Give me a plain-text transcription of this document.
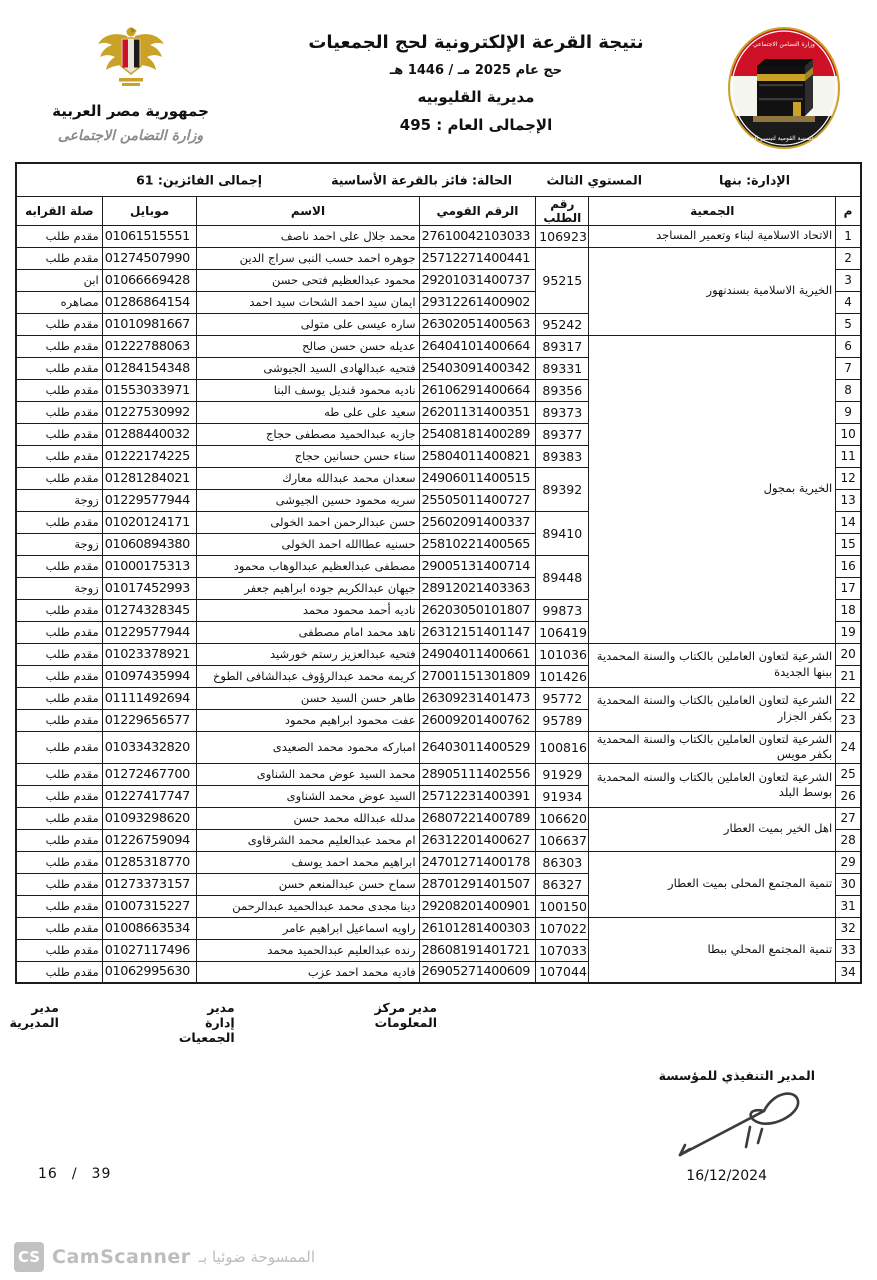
وزارة التضامن الاجتماعي
المؤسسة القومية لتيسير الحج
نتيجة القرعة الإلكترونية لحج الجمعيات
حج عام 2025 مـ / 1446 هـ
مديرية القليوبيه
الإجمالى العام : 495
جمهورية مصر العربية
وزارة التضامن الاجتماعى
الإدارة: بنها
المستوي الثالث
الحالة: فائز بالقرعة الأساسية
إجمالى الفائزين: 61						

م	الجمعية	رقم الطلب	الرقم القومي	الاسم	موبايل	صلة القرابه
1	الاتحاد الاسلامية لبناء وتعمير المساجد	106923	27610042103033	محمد جلال على احمد ناصف	01061515551	مقدم طلب
2	الخيرية الاسلامية بسندنهور	95215	25712271400441	جوهره احمد حسب النبى سراج الدين	01274507990	مقدم طلب
3			29201031400737	محمود عبدالعظيم فتحى حسن	01066669428	ابن
4			29312261400902	ايمان سيد احمد الشحات سيد احمد	01286864154	مصاهره
5		95242	26302051400563	ساره عيسى على متولى	01010981667	مقدم طلب
6	الخيرية بمجول	89317	26404101400664	عديله حسن حسن صالح	01222788063	مقدم طلب
7		89331	25403091400342	فتحيه عبدالهادى السيد الجيوشى	01284154348	مقدم طلب
8		89356	26106291400664	ناديه محمود قنديل يوسف البنا	01553033971	مقدم طلب
9		89373	26201131400351	سعيد على على طه	01227530992	مقدم طلب
10		89377	25408181400289	جازيه عبدالحميد مصطفى حجاج	01288440032	مقدم طلب
11		89383	25804011400821	سناء حسن حسانين حجاج	01222174225	مقدم طلب
12		89392	24906011400515	سعدان محمد عبدالله معارك	01281284021	مقدم طلب
13			25505011400727	سريه محمود حسين الجيوشى	01229577944	زوجة
14		89410	25602091400337	حسن عبدالرحمن احمد الخولى	01020124171	مقدم طلب
15			25810221400565	حسنيه عطاالله احمد الخولى	01060894380	زوجة
16		89448	29005131400714	مصطفى عبدالعظيم عبدالوهاب محمود	01000175313	مقدم طلب
17			28912021403363	جيهان عبدالكريم جوده ابراهيم جعفر	01017452993	زوجة
18		99873	26203050101807	ناديه أحمد محمود محمد	01274328345	مقدم طلب
19		106419	26312151401147	ناهد محمد امام مصطفى	01229577944	مقدم طلب
20	الشرعية لتعاون العاملين بالكتاب والسنة المحمدية ببنها الجديدة	101036	24904011400661	فتحيه عبدالعزيز رستم خورشيد	01023378921	مقدم طلب
21		101426	27001151301809	كريمه محمد عبدالرؤوف عبدالشافى الطوخ	01097435994	مقدم طلب
22	الشرعية لتعاون العاملين بالكتاب والسنة المحمدية بكفر الجزار	95772	26309231401473	طاهر حسن السيد حسن	01111492694	مقدم طلب
23		95789	26009201400762	عفت محمود ابراهيم محمود	01229656577	مقدم طلب
24	الشرعية لتعاون العاملين بالكتاب والسنة المحمدية بكفر مويس	100816	26403011400529	امباركه محمود محمد الصعيدى	01033432820	مقدم طلب
25	الشرعية لتعاون العاملين بالكتاب والسنه المحمدية بوسط البلد	91929	28905111402556	محمد السيد عوض محمد الشناوى	01272467700	مقدم طلب
26		91934	25712231400391	السيد عوض محمد الشناوى	01227417747	مقدم طلب
27	اهل الخير بميت العطار	106620	26807221400789	مدلله عبدالله محمد حسن	01093298620	مقدم طلب
28		106637	26312201400627	ام محمد عبدالعليم محمد الشرقاوى	01226759094	مقدم طلب
29	تنمية المجتمع المحلى بميت العطار	86303	24701271400178	ابراهيم محمد احمد يوسف	01285318770	مقدم طلب
30		86327	28701291401507	سماح حسن عبدالمنعم حسن	01273373157	مقدم طلب
31		100150	29208201400901	دينا مجدى محمد عبدالحميد عبدالرحمن	01007315227	مقدم طلب
32	تنمية المجتمع المحلي ببطا	107022	26101281400303	راويه اسماعيل ابراهيم عامر	01008663534	مقدم طلب
33		107033	28608191401721	رنده عبدالعليم عبدالحميد محمد	01027117496	مقدم طلب
34		107044	26905271400609	فاديه محمد احمد عزب	01062995630	مقدم طلب
مدير مركز المعلومات
مدير إدارة الجمعيات
مدير المديرية
المدير التنفيذي للمؤسسة
16/12/2024
16 / 39
CS CamScanner الممسوحة ضوئيا بـ
